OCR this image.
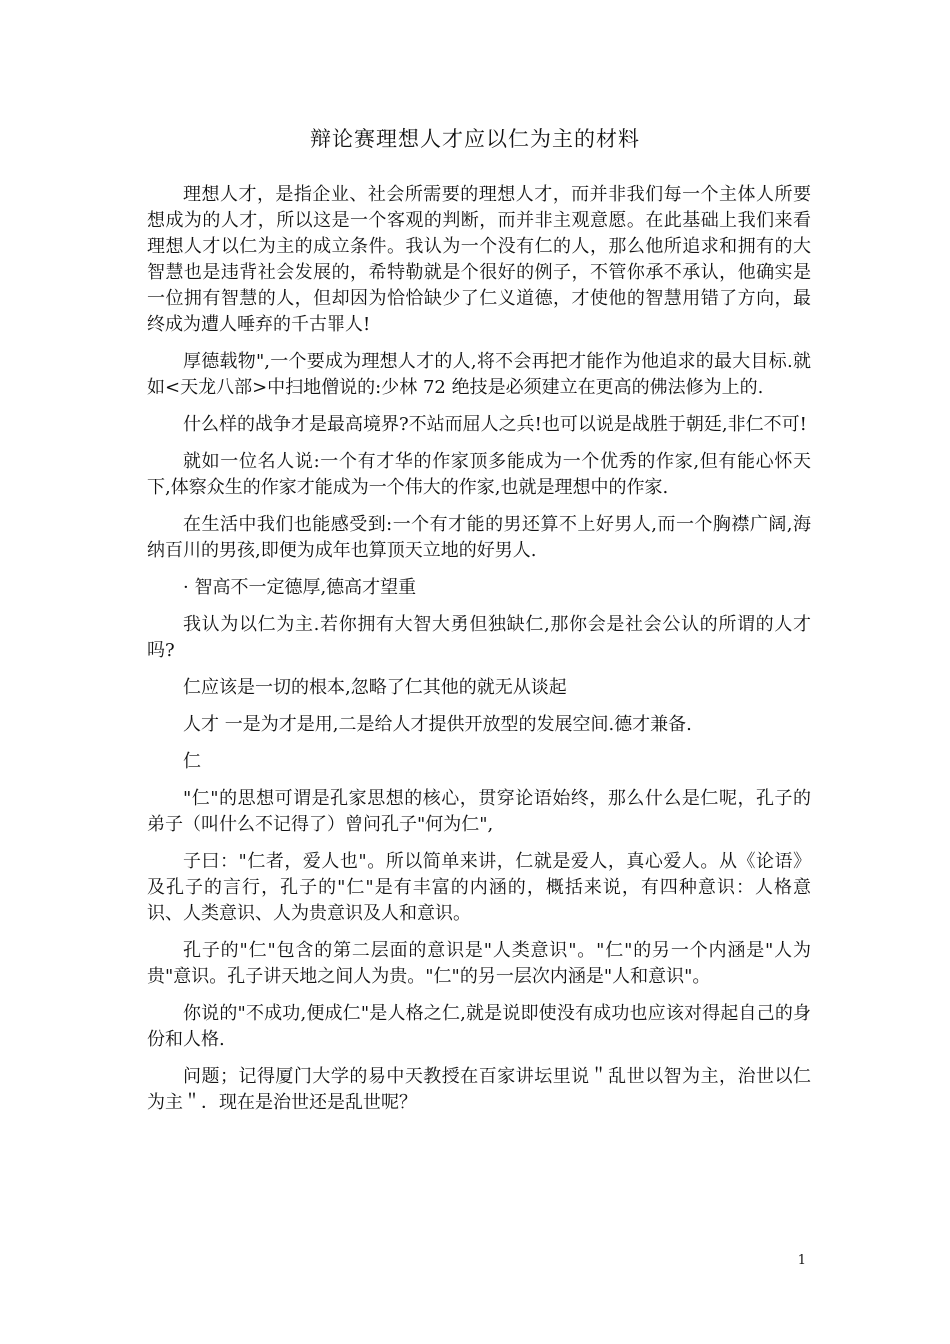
辩论赛理想人才应以仁为主的材料

理想人才，是指企业、社会所需要的理想人才，而并非我们每一个主体人所要想成为的人才，所以这是一个客观的判断，而并非主观意愿。在此基础上我们来看理想人才以仁为主的成立条件。我认为一个没有仁的人，那么他所追求和拥有的大智慧也是违背社会发展的，希特勒就是个很好的例子，不管你承不承认，他确实是一位拥有智慧的人，但却因为恰恰缺少了仁义道德，才使他的智慧用错了方向，最终成为遭人唾弃的千古罪人!

厚德载物",一个要成为理想人才的人,将不会再把才能作为他追求的最大目标.就如<天龙八部>中扫地僧说的:少林 72 绝技是必须建立在更高的佛法修为上的.

什么样的战争才是最高境界?不站而屈人之兵!也可以说是战胜于朝廷,非仁不可!

就如一位名人说:一个有才华的作家顶多能成为一个优秀的作家,但有能心怀天下,体察众生的作家才能成为一个伟大的作家,也就是理想中的作家.

在生活中我们也能感受到:一个有才能的男还算不上好男人,而一个胸襟广阔,海纳百川的男孩,即便为成年也算顶天立地的好男人.

· 智高不一定德厚,德高才望重

我认为以仁为主.若你拥有大智大勇但独缺仁,那你会是社会公认的所谓的人才吗?

仁应该是一切的根本,忽略了仁其他的就无从谈起

人才 一是为才是用,二是给人才提供开放型的发展空间.德才兼备.

仁

"仁"的思想可谓是孔家思想的核心，贯穿论语始终，那么什么是仁呢，孔子的弟子（叫什么不记得了）曾问孔子"何为仁",

子曰："仁者，爱人也"。所以简单来讲，仁就是爱人，真心爱人。从《论语》及孔子的言行，孔子的"仁"是有丰富的内涵的，概括来说，有四种意识：人格意识、人类意识、人为贵意识及人和意识。

孔子的"仁"包含的第二层面的意识是"人类意识"。"仁"的另一个内涵是"人为贵"意识。孔子讲天地之间人为贵。"仁"的另一层次内涵是"人和意识"。

你说的"不成功,便成仁"是人格之仁,就是说即使没有成功也应该对得起自己的身份和人格.

问题；记得厦门大学的易中天教授在百家讲坛里说＂乱世以智为主，治世以仁为主＂．现在是治世还是乱世呢？

1
